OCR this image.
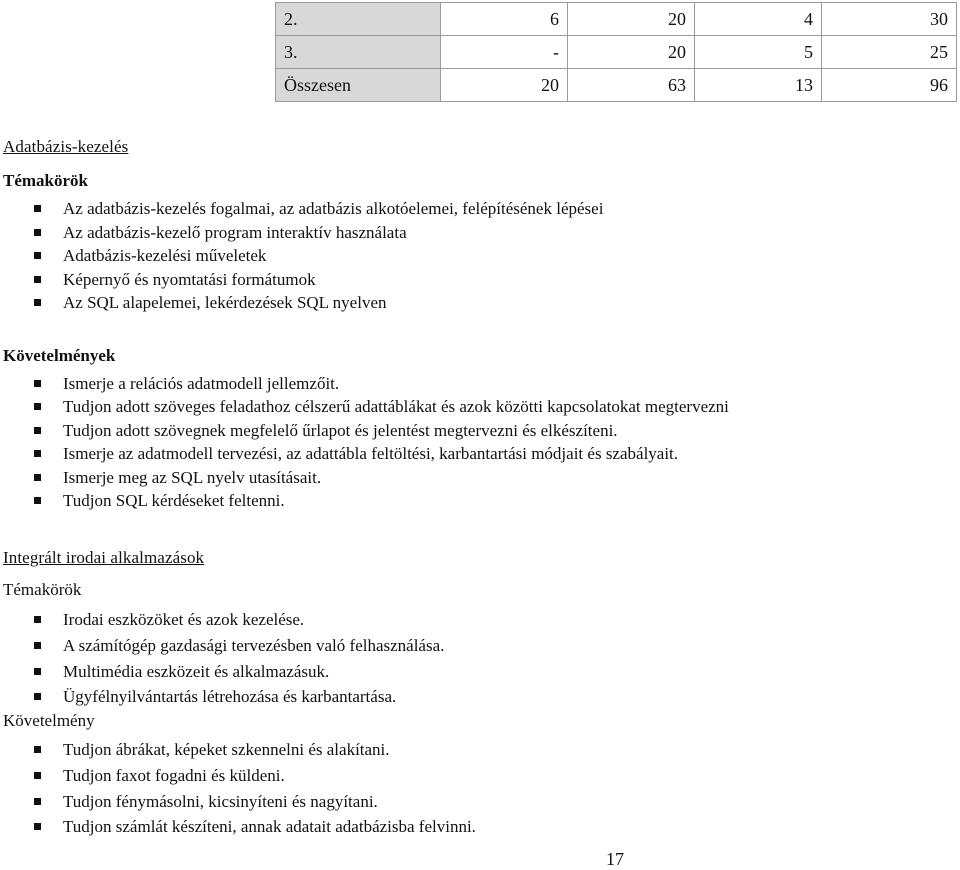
2.	6	20	4	30
3.	-	20	5	25
Összesen	20	63	13	96
Adatbázis-kezelés
Témakörök
Az adatbázis-kezelés fogalmai, az adatbázis alkotóelemei, felépítésének lépései
Az adatbázis-kezelő program interaktív használata
Adatbázis-kezelési műveletek
Képernyő és nyomtatási formátumok
Az SQL alapelemei, lekérdezések SQL nyelven
Követelmények
Ismerje a relációs adatmodell jellemzőit.
Tudjon adott szöveges feladathoz célszerű adattáblákat és azok közötti kapcsolatokat megtervezni
Tudjon adott szövegnek megfelelő űrlapot és jelentést megtervezni és elkészíteni.
Ismerje az adatmodell tervezési, az adattábla feltöltési, karbantartási módjait és szabályait.
Ismerje meg az SQL nyelv utasításait.
Tudjon SQL kérdéseket feltenni.
Integrált irodai alkalmazások
Témakörök
Irodai eszközöket és azok kezelése.
A számítógép gazdasági tervezésben való felhasználása.
Multimédia eszközeit és alkalmazásuk.
Ügyfélnyilvántartás létrehozása és karbantartása.
Követelmény
Tudjon ábrákat, képeket szkennelni és alakítani.
Tudjon faxot fogadni és küldeni.
Tudjon fénymásolni, kicsinyíteni és nagyítani.
Tudjon számlát készíteni, annak adatait adatbázisba felvinni.
17
